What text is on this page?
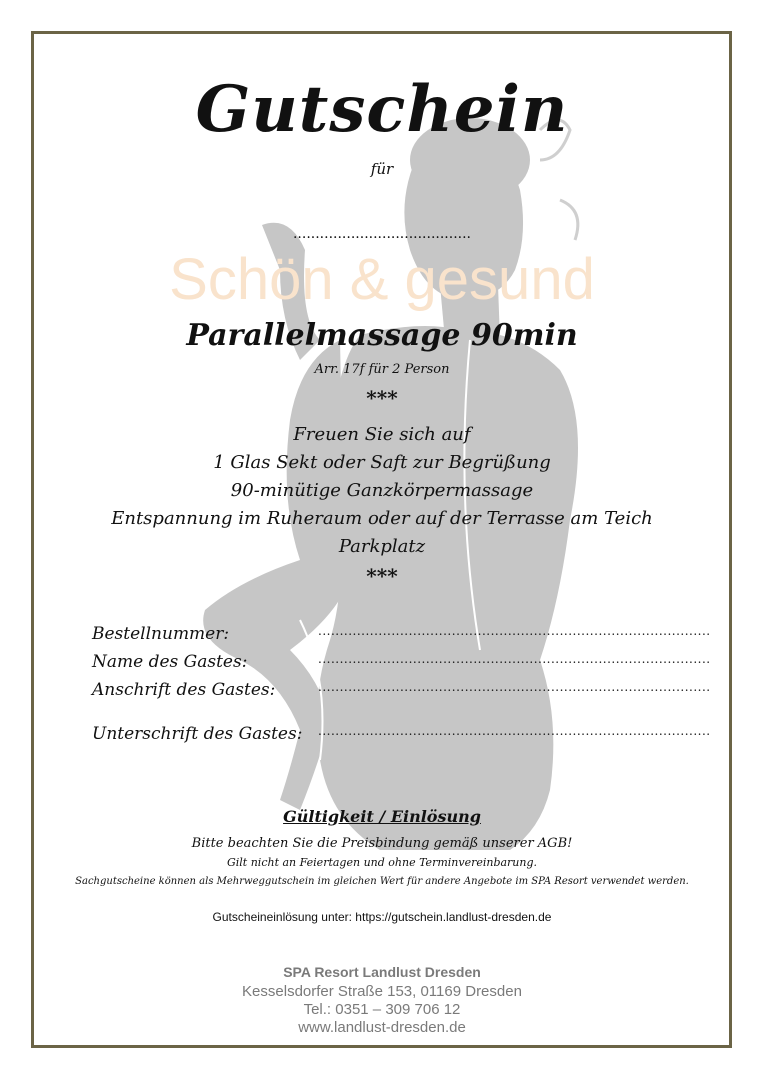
Gutschein
für
........................................
Schön & gesund
Parallelmassage 90min
Arr. 17f für 2 Person
***
Freuen Sie sich auf
1 Glas Sekt oder Saft zur Begrüßung
90-minütige Ganzkörpermassage
Entspannung im Ruheraum oder auf der Terrasse am Teich
Parkplatz
***
Bestellnummer:	...........................................................................................
Name des Gastes:	...........................................................................................
Anschrift des Gastes:	...........................................................................................
Unterschrift des Gastes: ...........................................................................................
Gültigkeit / Einlösung
Bitte beachten Sie die Preisbindung gemäß unserer AGB!
Gilt nicht an Feiertagen und ohne Terminvereinbarung.
Sachgutscheine können als Mehrweggutschein im gleichen Wert für andere Angebote im SPA Resort verwendet werden.
Gutscheineinlösung unter: https://gutschein.landlust-dresden.de
SPA Resort Landlust Dresden
Kesselsdorfer Straße 153, 01169 Dresden
Tel.: 0351 – 309 706 12
www.landlust-dresden.de
